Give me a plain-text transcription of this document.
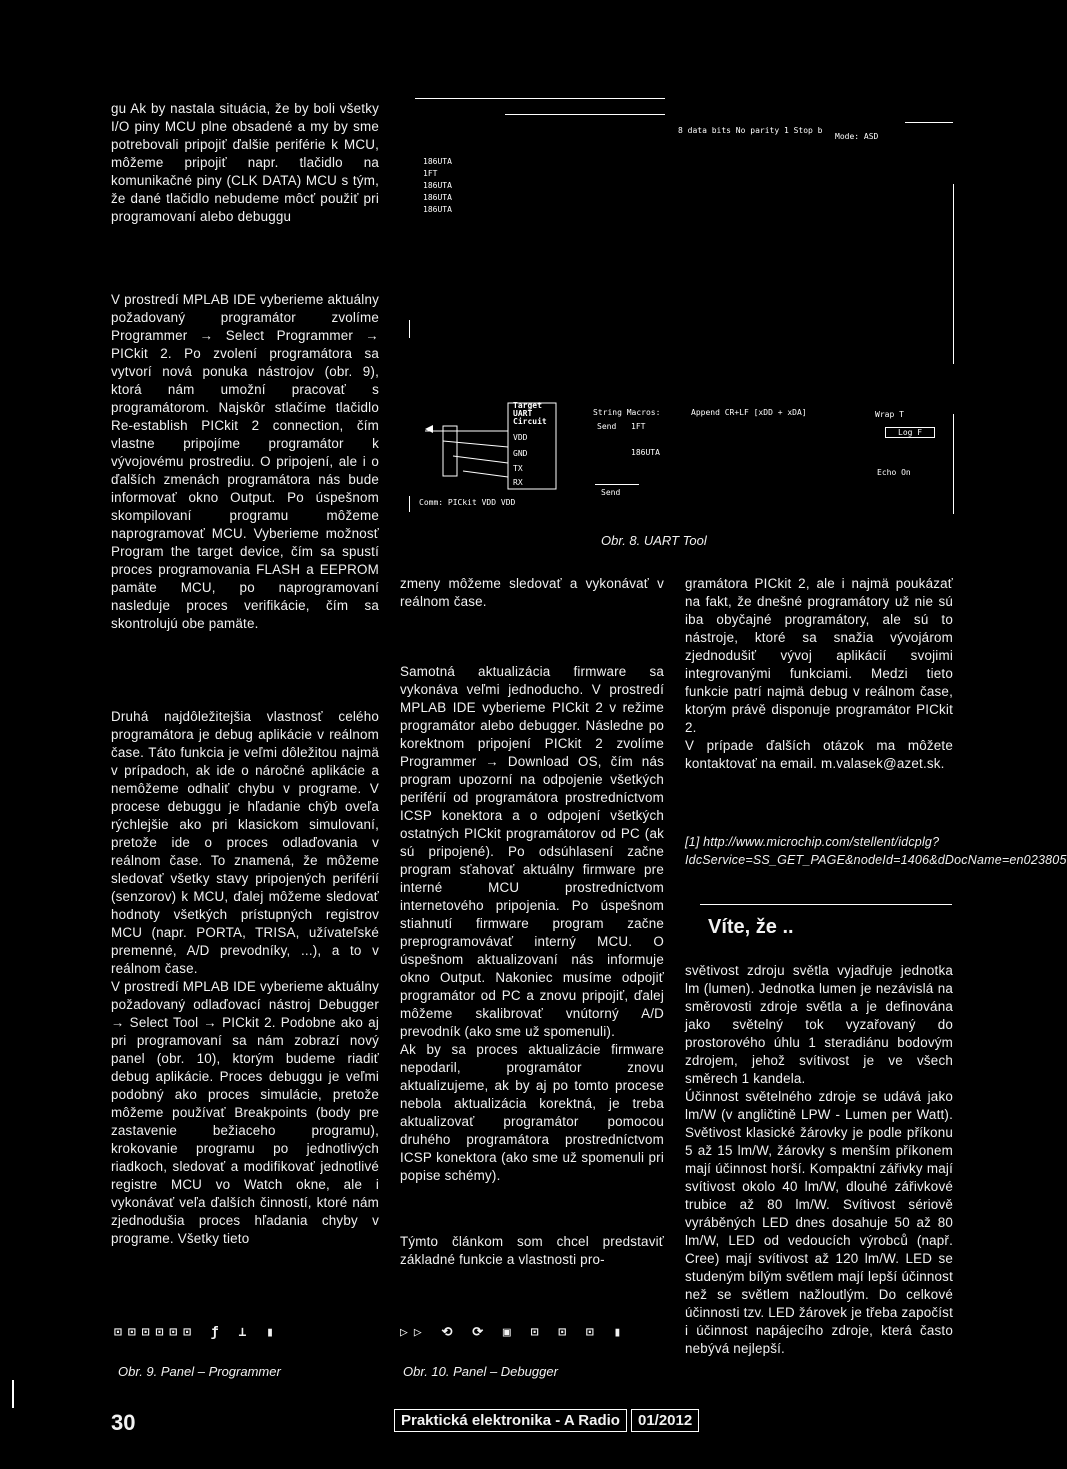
gu Ak by nastala situácia, že by boli všetky I/O piny MCU plne obsadené a my by sme potrebovali pripojiť ďalšie periférie k MCU, môžeme pripojiť napr. tlačidlo na komunikačné piny (CLK DATA) MCU s tým, že dané tlačidlo nebudeme môcť použiť pri programovaní alebo debuggu

8 data bits No parity 1 Stop b
Mode: ASD
186UTA
1FT
186UTA
186UTA
186UTA
Target UART Circuit
VDD
GND
TX
RX
Comm: PICkit VDD VDD
String Macros:	Append CR+LF [xDD + xDA]
Send 1FT
186UTA
Send
Wrap T
Log F
Echo On
Obr. 8. UART Tool

V prostredí MPLAB IDE vyberieme aktuálny požadovaný programátor zvolíme Programmer → Select Programmer → PICkit 2. Po zvolení programátora sa vytvorí nová ponuka nástrojov (obr. 9), ktorá nám umožní pracovať s programátorom. Najskôr stlačíme tlačidlo Re-establish PICkit 2 connection, čím vlastne pripojíme programátor k vývojovému prostrediu. O pripojení, ale i o ďalších zmenách programátora nás bude informovať okno Output. Po úspešnom skompilovaní programu môžeme naprogramovať MCU. Vyberieme možnosť Program the target device, čím sa spustí proces programovania FLASH a EEPROM pamäte MCU, po naprogramovaní nasleduje proces verifikácie, čím sa skontrolujú obe pamäte.

Druhá najdôležitejšia vlastnosť celého programátora je debug aplikácie v reálnom čase. Táto funkcia je veľmi dôležitou najmä v prípadoch, ak ide o náročné aplikácie a nemôžeme odhaliť chybu v programe. V procese debuggu je hľadanie chýb oveľa rýchlejšie ako pri klasickom simulovaní, pretože ide o proces odlaďovania v reálnom čase. To znamená, že môžeme sledovať všetky stavy pripojených periférií (senzorov) k MCU, ďalej môžeme sledovať hodnoty všetkých prístupných registrov MCU (napr. PORTA, TRISA, užívateľské premenné, A/D prevodníky, ...), a to v reálnom čase.

V prostredí MPLAB IDE vyberieme aktuálny požadovaný odlaďovací nástroj Debugger → Select Tool → PICkit 2. Podobne ako aj pri programovaní sa nám zobrazí nový panel (obr. 10), ktorým budeme riadiť debug aplikácie. Proces debuggu je veľmi podobný ako proces simulácie, pretože môžeme používať Breakpoints (body pre zastavenie bežiaceho programu), krokovanie programu po jednotlivých riadkoch, sledovať a modifikovať jednotlivé registre MCU vo Watch okne, ale i vykonávať veľa ďalších činností, ktoré nám zjednodušia proces hľadania chyby v programe. Všetky tieto

zmeny môžeme sledovať a vykonávať v reálnom čase.

Samotná aktualizácia firmware sa vykonáva veľmi jednoducho. V prostredí MPLAB IDE vyberieme PICkit 2 v režime programátor alebo debugger. Následne po korektnom pripojení PICkit 2 zvolíme Programmer → Download OS, čím nás program upozorní na odpojenie všetkých periférií od programátora prostredníctvom ICSP konektora a o odpojení všetkých ostatných PICkit programátorov od PC (ak sú pripojené). Po odsúhlasení začne program sťahovať aktuálny firmware pre interné MCU prostredníctvom internetového pripojenia. Po úspešnom stiahnutí firmware program začne preprogramovávať interný MCU. O úspešnom aktualizovaní nás informuje okno Output. Nakoniec musíme odpojiť programátor od PC a znovu pripojiť, ďalej môžeme skalibrovať vnútorný A/D prevodník (ako sme už spomenuli).

Ak by sa proces aktualizácie firmware nepodaril, programátor znovu aktualizujeme, ak by aj po tomto procese nebola aktualizácia korektná, je treba aktualizovať programátor pomocou druhého programátora prostredníctvom ICSP konektora (ako sme už spomenuli pri popise schémy).

Týmto článkom som chcel predstaviť základné funkcie a vlastnosti pro-

gramátora PICkit 2, ale i najmä poukázať na fakt, že dnešné programátory už nie sú iba obyčajné programátory, ale sú to nástroje, ktoré sa snažia vývojárom zjednodušiť vývoj aplikácií svojimi integrovanými funkciami. Medzi tieto funkcie patrí najmä debug v reálnom čase, ktorým právě disponuje programátor PICkit 2.

V prípade ďalších otázok ma môžete kontaktovať na email. m.valasek@azet.sk.

[1] http://www.microchip.com/stellent/idcplg?IdcService=SS_GET_PAGE&nodeId=1406&dDocName=en023805
Víte, že ..

světivost zdroju světla vyjadřuje jednotka lm (lumen). Jednotka lumen je nezávislá na směrovosti zdroje světla a je definována jako světelný tok vyzařovaný do prostorového úhlu 1 steradiánu bodovým zdrojem, jehož svítivost je ve všech směrech 1 kandela.

Účinnost světelného zdroje se udává jako lm/W (v angličtině LPW - Lumen per Watt). Světivost klasické žárovky je podle příkonu 5 až 15 lm/W, žárovky s menším příkonem mají účinnost horší. Kompaktní zářivky mají svítivost okolo 40 lm/W, dlouhé zářivkové trubice až 80 lm/W. Svítivost sériově vyráběných LED dnes dosahuje 50 až 80 lm/W, LED od vedoucích výrobců (např. Cree) mají svítivost až 120 lm/W. LED se studeným bílým světlem mají lepší účinnost než se světlem nažloutlým. Do celkové účinnosti tzv. LED žárovek je třeba započíst i účinnost napájecího zdroje, která často nebývá nejlepší.

⊡⊡⊡⊡⊡⊡ ƒ ⟂ ▮
Obr. 9. Panel – Programmer
▷▷ ⟲ ⟳ ▣ ⊡ ⊡ ⊡ ▮
Obr. 10. Panel – Debugger
30	Praktická elektronika - A Radio	01/2012
